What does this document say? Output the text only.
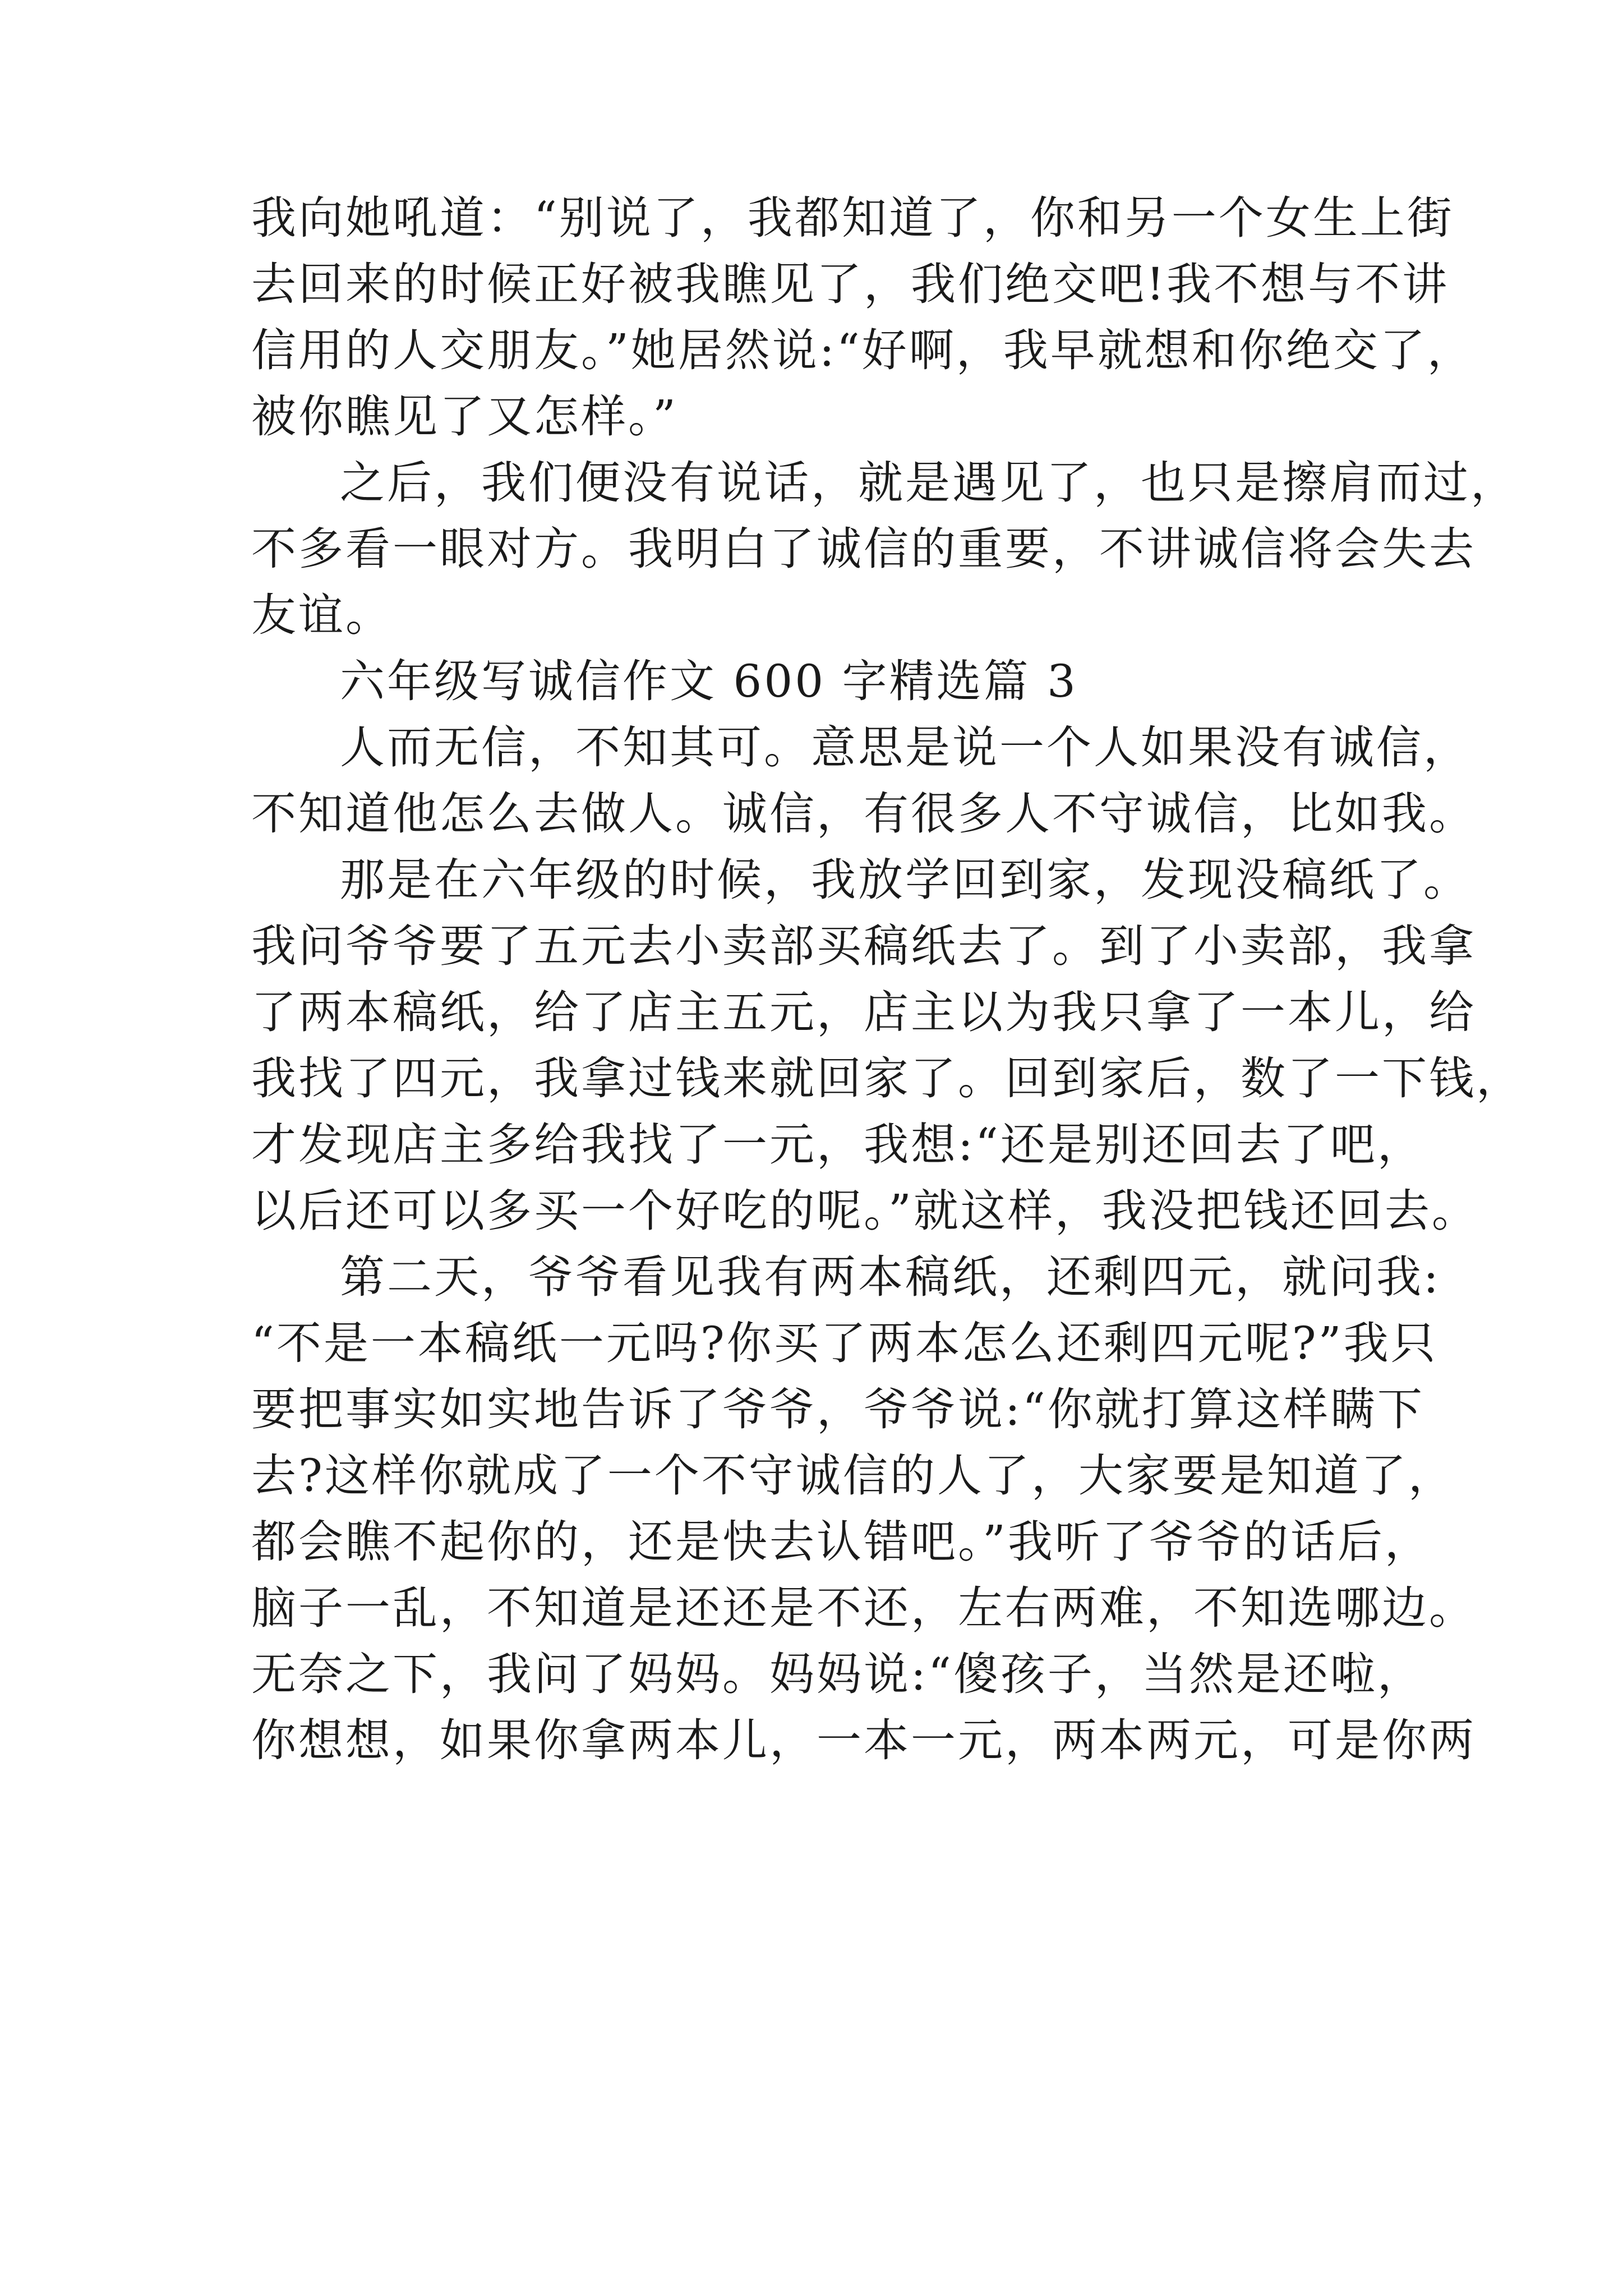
我向她吼道：“别说了，我都知道了，你和另一个女生上街
去回来的时候正好被我瞧见了，我们绝交吧!我不想与不讲
信用的人交朋友。”她居然说:“好啊，我早就想和你绝交了，
被你瞧见了又怎样。”
之后，我们便没有说话，就是遇见了，也只是擦肩而过，
不多看一眼对方。我明白了诚信的重要，不讲诚信将会失去
友谊。
六年级写诚信作文 600 字精选篇 3
人而无信，不知其可。意思是说一个人如果没有诚信，
不知道他怎么去做人。诚信，有很多人不守诚信，比如我。
那是在六年级的时候，我放学回到家，发现没稿纸了。
我问爷爷要了五元去小卖部买稿纸去了。到了小卖部，我拿
了两本稿纸，给了店主五元，店主以为我只拿了一本儿，给
我找了四元，我拿过钱来就回家了。回到家后，数了一下钱，
才发现店主多给我找了一元，我想:“还是别还回去了吧，
以后还可以多买一个好吃的呢。”就这样，我没把钱还回去。
第二天，爷爷看见我有两本稿纸，还剩四元，就问我:
“不是一本稿纸一元吗?你买了两本怎么还剩四元呢?”我只
要把事实如实地告诉了爷爷，爷爷说:“你就打算这样瞒下
去?这样你就成了一个不守诚信的人了，大家要是知道了，
都会瞧不起你的，还是快去认错吧。”我听了爷爷的话后，
脑子一乱，不知道是还还是不还，左右两难，不知选哪边。
无奈之下，我问了妈妈。妈妈说:“傻孩子，当然是还啦，
你想想，如果你拿两本儿，一本一元，两本两元，可是你两
